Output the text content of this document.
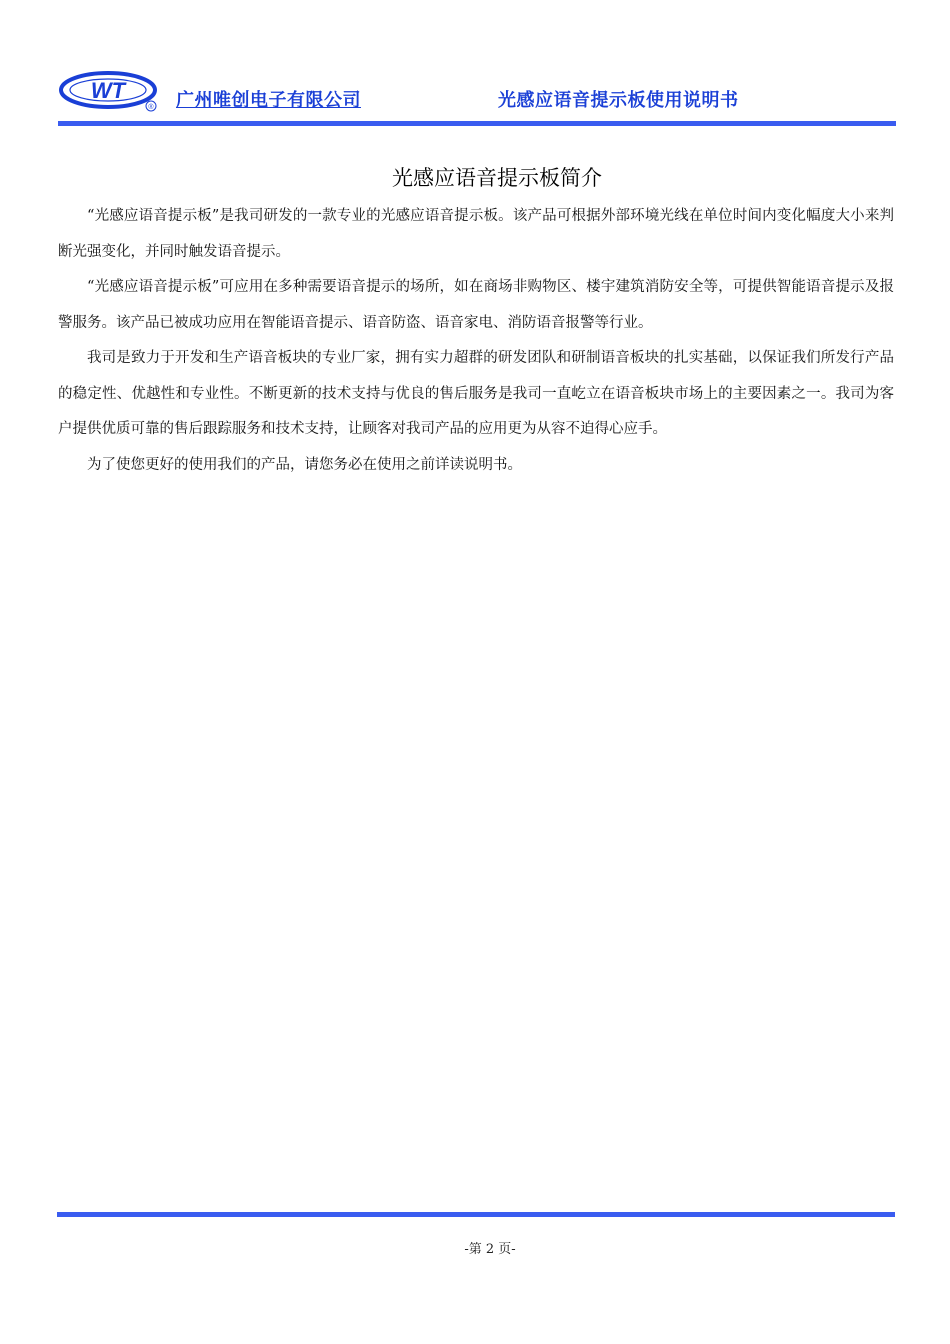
WT
® 广州唯创电子有限公司	光感应语音提示板使用说明书
光感应语音提示板简介

“光感应语音提示板”是我司研发的一款专业的光感应语音提示板。该产品可根据外部环境光线在单位时间内变化幅度大小来判断光强变化，并同时触发语音提示。

“光感应语音提示板”可应用在多种需要语音提示的场所，如在商场非购物区、楼宇建筑消防安全等，可提供智能语音提示及报警服务。该产品已被成功应用在智能语音提示、语音防盗、语音家电、消防语音报警等行业。

我司是致力于开发和生产语音板块的专业厂家，拥有实力超群的研发团队和研制语音板块的扎实基础，以保证我们所发行产品的稳定性、优越性和专业性。不断更新的技术支持与优良的售后服务是我司一直屹立在语音板块市场上的主要因素之一。我司为客户提供优质可靠的售后跟踪服务和技术支持，让顾客对我司产品的应用更为从容不迫得心应手。

为了使您更好的使用我们的产品，请您务必在使用之前详读说明书。

-第 2 页-
